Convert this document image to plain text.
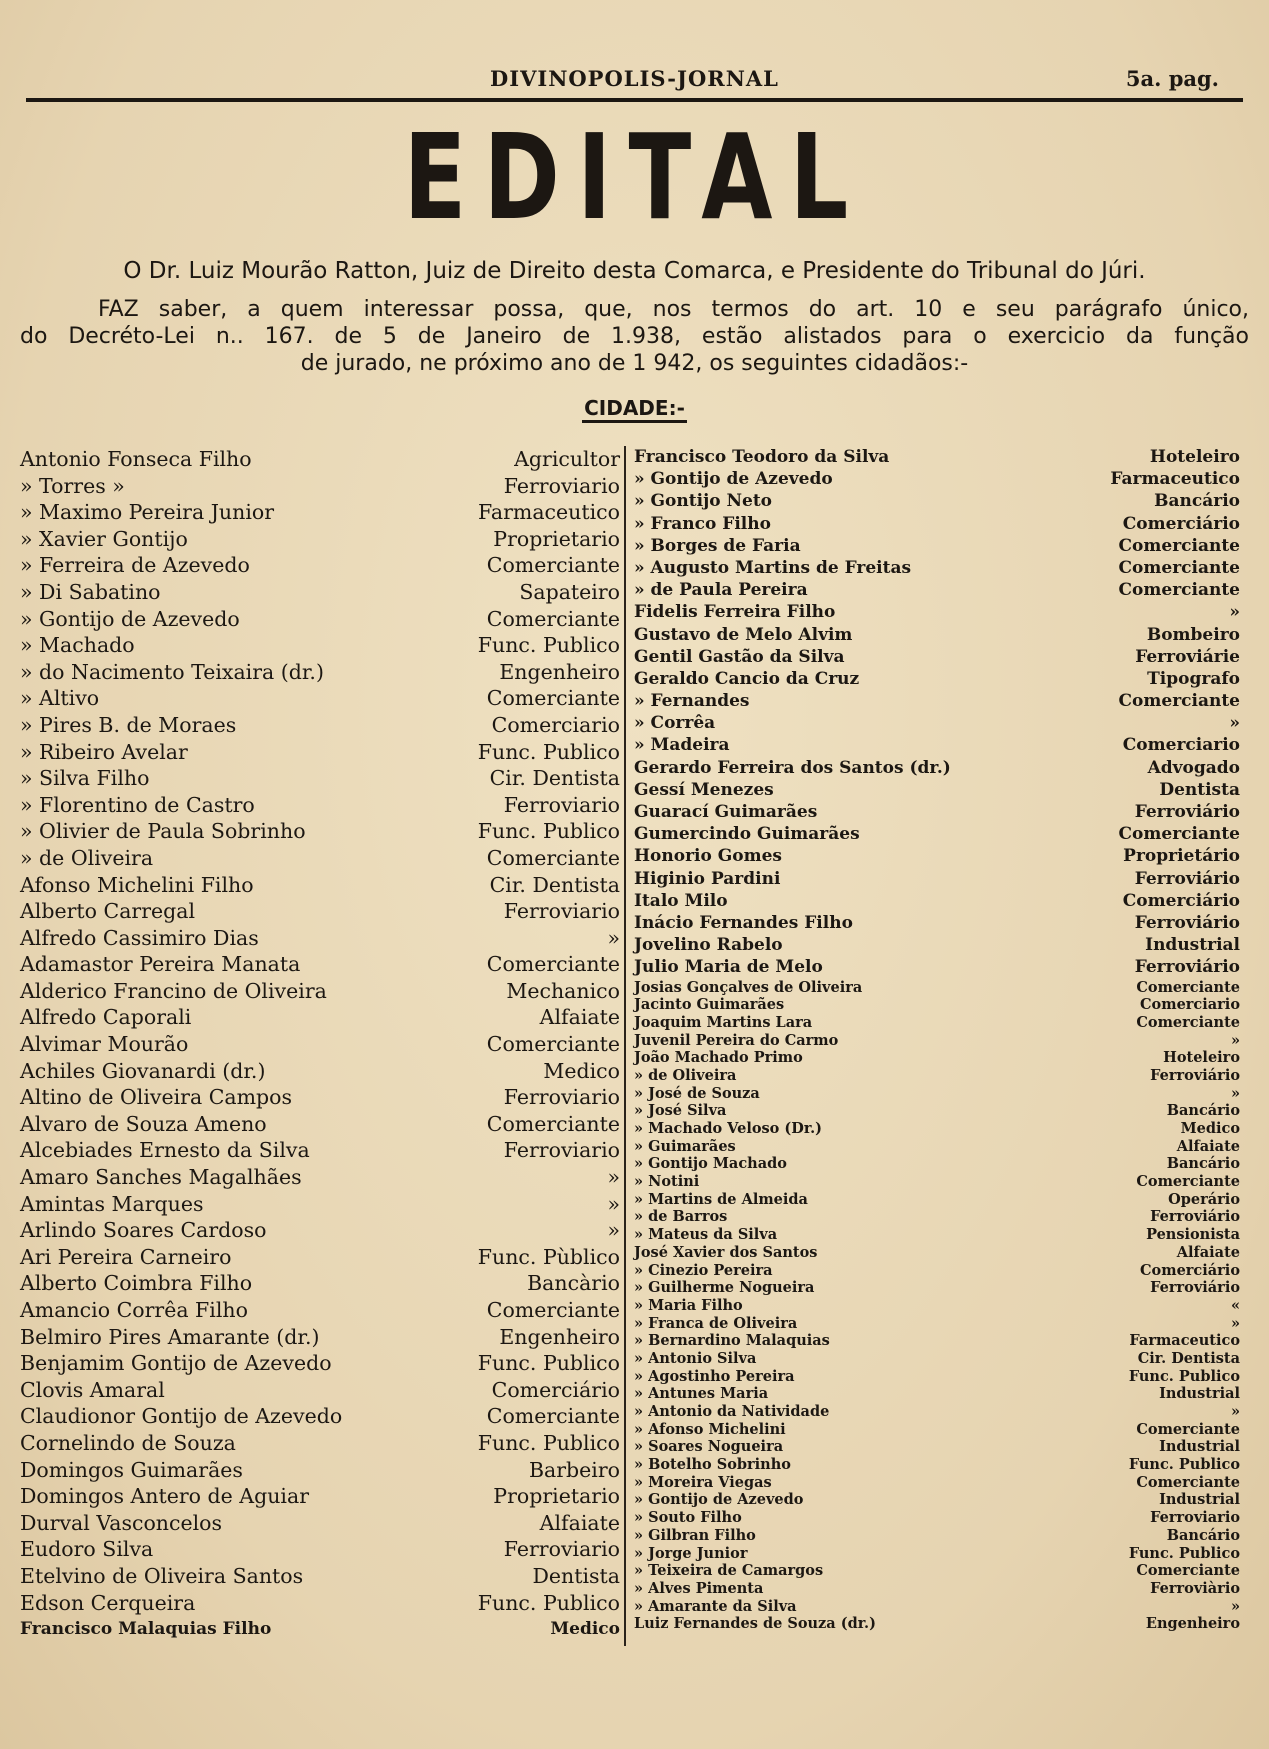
DIVINOPOLIS-JORNAL	5a. pag.
EDITAL
O Dr. Luiz Mourão Ratton, Juiz de Direito desta Comarca, e Presidente do Tribunal do Júri.
FAZ saber, a quem interessar possa, que, nos termos do art. 10 e seu parágrafo único,
do Decréto-Lei n.. 167. de 5 de Janeiro de 1.938, estão alistados para o exercicio da função
de jurado, ne próximo ano de 1 942, os seguintes cidadãos:-
CIDADE:-
Antonio Fonseca Filho	Agricultor
» Torres »	Ferroviario
» Maximo Pereira Junior	Farmaceutico
» Xavier Gontijo	Proprietario
» Ferreira de Azevedo	Comerciante
» Di Sabatino	Sapateiro
» Gontijo de Azevedo	Comerciante
» Machado	Func. Publico
» do Nacimento Teixaira (dr.)	Engenheiro
» Altivo	Comerciante
» Pires B. de Moraes	Comerciario
» Ribeiro Avelar	Func. Publico
» Silva Filho	Cir. Dentista
» Florentino de Castro	Ferroviario
» Olivier de Paula Sobrinho	Func. Publico
» de Oliveira	Comerciante
Afonso Michelini Filho	Cir. Dentista
Alberto Carregal	Ferroviario
Alfredo Cassimiro Dias	»
Adamastor Pereira Manata	Comerciante
Alderico Francino de Oliveira	Mechanico
Alfredo Caporali	Alfaiate
Alvimar Mourão	Comerciante
Achiles Giovanardi (dr.)	Medico
Altino de Oliveira Campos	Ferroviario
Alvaro de Souza Ameno	Comerciante
Alcebiades Ernesto da Silva	Ferroviario
Amaro Sanches Magalhães	»
Amintas Marques	»
Arlindo Soares Cardoso	»
Ari Pereira Carneiro	Func. Pùblico
Alberto Coimbra Filho	Bancàrio
Amancio Corrêa Filho	Comerciante
Belmiro Pires Amarante (dr.)	Engenheiro
Benjamim Gontijo de Azevedo	Func. Publico
Clovis Amaral	Comerciário
Claudionor Gontijo de Azevedo	Comerciante
Cornelindo de Souza	Func. Publico
Domingos Guimarães	Barbeiro
Domingos Antero de Aguiar	Proprietario
Durval Vasconcelos	Alfaiate
Eudoro Silva	Ferroviario
Etelvino de Oliveira Santos	Dentista
Edson Cerqueira	Func. Publico
Francisco Malaquias Filho	Medico
Francisco Teodoro da Silva	Hoteleiro
» Gontijo de Azevedo	Farmaceutico
» Gontijo Neto	Bancário
» Franco Filho	Comerciário
» Borges de Faria	Comerciante
» Augusto Martins de Freitas	Comerciante
» de Paula Pereira	Comerciante
Fidelis Ferreira Filho	»
Gustavo de Melo Alvim	Bombeiro
Gentil Gastão da Silva	Ferroviárie
Geraldo Cancio da Cruz	Tipografo
» Fernandes	Comerciante
» Corrêa	»
» Madeira	Comerciario
Gerardo Ferreira dos Santos (dr.)	Advogado
Gessí Menezes	Dentista
Guarací Guimarães	Ferroviário
Gumercindo Guimarães	Comerciante
Honorio Gomes	Proprietário
Higinio Pardini	Ferroviário
Italo Milo	Comerciário
Inácio Fernandes Filho	Ferroviário
Jovelino Rabelo	Industrial
Julio Maria de Melo	Ferroviário
Josias Gonçalves de Oliveira	Comerciante
Jacinto Guimarães	Comerciario
Joaquim Martins Lara	Comerciante
Juvenil Pereira do Carmo	»
João Machado Primo	Hoteleiro
» de Oliveira	Ferroviário
» José de Souza	»
» José Silva	Bancário
» Machado Veloso (Dr.)	Medico
» Guimarães	Alfaiate
» Gontijo Machado	Bancário
» Notini	Comerciante
» Martins de Almeida	Operário
» de Barros	Ferroviário
» Mateus da Silva	Pensionista
José Xavier dos Santos	Alfaiate
» Cinezio Pereira	Comerciário
» Guilherme Nogueira	Ferroviário
» Maria Filho	«
» Franca de Oliveira	»
» Bernardino Malaquias	Farmaceutico
» Antonio Silva	Cir. Dentista
» Agostinho Pereira	Func. Publico
» Antunes Maria	Industrial
» Antonio da Natividade	»
» Afonso Michelini	Comerciante
» Soares Nogueira	Industrial
» Botelho Sobrinho	Func. Publico
» Moreira Viegas	Comerciante
» Gontijo de Azevedo	Industrial
» Souto Filho	Ferroviario
» Gilbran Filho	Bancário
» Jorge Junior	Func. Publico
» Teixeira de Camargos	Comerciante
» Alves Pimenta	Ferroviàrio
» Amarante da Silva	»
Luiz Fernandes de Souza (dr.)	Engenheiro
